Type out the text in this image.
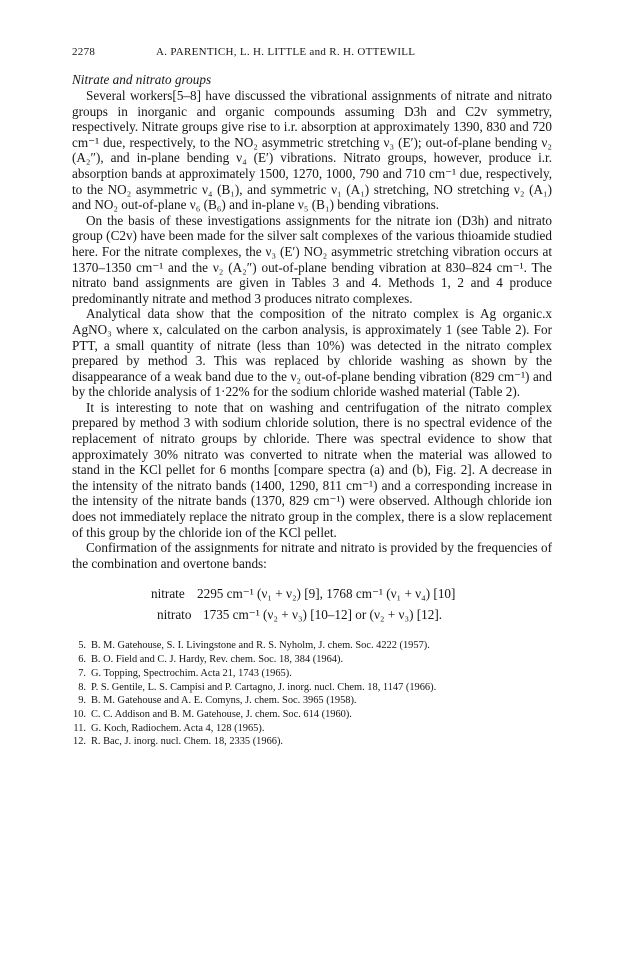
2278	A. PARENTICH, L. H. LITTLE and R. H. OTTEWILL
Nitrate and nitrato groups

Several workers[5–8] have discussed the vibrational assignments of nitrate and nitrato groups in inorganic and organic compounds assuming D3h and C2v symmetry, respectively. Nitrate groups give rise to i.r. absorption at approximately 1390, 830 and 720 cm⁻¹ due, respectively, to the NO₂ asymmetric stretching ν₃ (E′); out-of-plane bending ν₂ (A₂″), and in-plane bending ν₄ (E′) vibrations. Nitrato groups, however, produce i.r. absorption bands at approximately 1500, 1270, 1000, 790 and 710 cm⁻¹ due, respectively, to the NO₂ asymmetric ν₄ (B₁), and symmetric ν₁ (A₁) stretching, NO stretching ν₂ (A₁) and NO₂ out-of-plane ν₆ (B₆) and in-plane ν₅ (B₁) bending vibrations.

On the basis of these investigations assignments for the nitrate ion (D3h) and nitrato group (C2v) have been made for the silver salt complexes of the various thioamide studied here. For the nitrate complexes, the ν₃ (E′) NO₂ asymmetric stretching vibration occurs at 1370–1350 cm⁻¹ and the ν₂ (A₂″) out-of-plane bending vibration at 830–824 cm⁻¹. The nitrato band assignments are given in Tables 3 and 4. Methods 1, 2 and 4 produce predominantly nitrate and method 3 produces nitrato complexes.

Analytical data show that the composition of the nitrato complex is Ag organic.x AgNO₃ where x, calculated on the carbon analysis, is approximately 1 (see Table 2). For PTT, a small quantity of nitrate (less than 10%) was detected in the nitrato complex prepared by method 3. This was replaced by chloride washing as shown by the disappearance of a weak band due to the ν₂ out-of-plane bending vibration (829 cm⁻¹) and by the chloride analysis of 1·22% for the sodium chloride washed material (Table 2).

It is interesting to note that on washing and centrifugation of the nitrato complex prepared by method 3 with sodium chloride solution, there is no spectral evidence of the replacement of nitrato groups by chloride. There was spectral evidence to show that approximately 30% nitrato was converted to nitrate when the material was allowed to stand in the KCl pellet for 6 months [compare spectra (a) and (b), Fig. 2]. A decrease in the intensity of the nitrato bands (1400, 1290, 811 cm⁻¹) and a corresponding increase in the intensity of the nitrate bands (1370, 829 cm⁻¹) were observed. Although chloride ion does not immediately replace the nitrato group in the complex, there is a slow replacement of this group by the chloride ion of the KCl pellet.

Confirmation of the assignments for nitrate and nitrato is provided by the frequencies of the combination and overtone bands:

nitrate 2295 cm⁻¹ (ν₁ + ν₂) [9], 1768 cm⁻¹ (ν₁ + ν₄) [10]
nitrato 1735 cm⁻¹ (ν₂ + ν₃) [10–12] or (ν₂ + ν₃) [12].
5. B. M. Gatehouse, S. I. Livingstone and R. S. Nyholm, J. chem. Soc. 4222 (1957).
6. B. O. Field and C. J. Hardy, Rev. chem. Soc. 18, 384 (1964).
7. G. Topping, Spectrochim. Acta 21, 1743 (1965).
8. P. S. Gentile, L. S. Campisi and P. Cartagno, J. inorg. nucl. Chem. 18, 1147 (1966).
9. B. M. Gatehouse and A. E. Comyns, J. chem. Soc. 3965 (1958).
10. C. C. Addison and B. M. Gatehouse, J. chem. Soc. 614 (1960).
11. G. Koch, Radiochem. Acta 4, 128 (1965).
12. R. Bac, J. inorg. nucl. Chem. 18, 2335 (1966).
